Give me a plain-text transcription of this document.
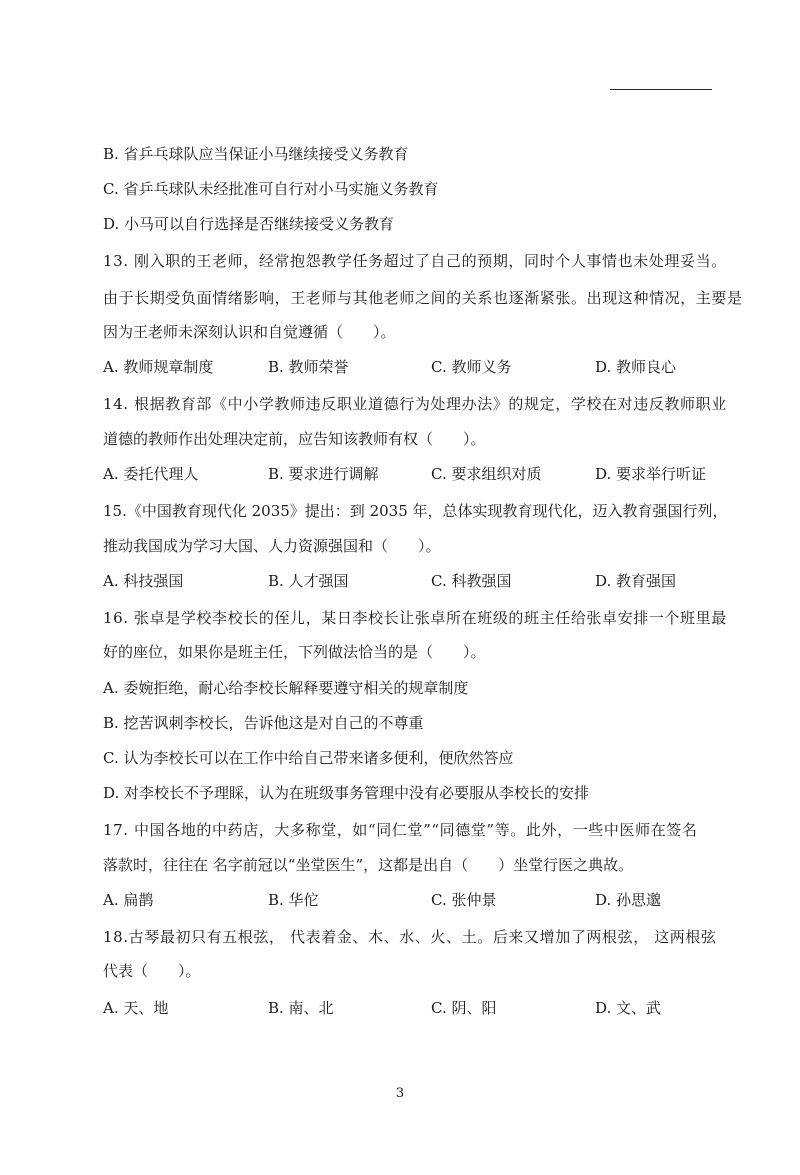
B. 省乒乓球队应当保证小马继续接受义务教育
C. 省乒乓球队未经批准可自行对小马实施义务教育
D. 小马可以自行选择是否继续接受义务教育
13. 刚入职的王老师，经常抱怨教学任务超过了自己的预期，同时个人事情也未处理妥当。
由于长期受负面情绪影响，王老师与其他老师之间的关系也逐渐紧张。出现这种情况，主要是
因为王老师未深刻认识和自觉遵循（　　）。
A. 教师规章制度	B. 教师荣誉	C. 教师义务	D. 教师良心
14. 根据教育部《中小学教师违反职业道德行为处理办法》的规定，学校在对违反教师职业
道德的教师作出处理决定前，应告知该教师有权（　　）。
A. 委托代理人	B. 要求进行调解	C. 要求组织对质	D. 要求举行听证
15.《中国教育现代化 2035》提出：到 2035 年，总体实现教育现代化，迈入教育强国行列，
推动我国成为学习大国、人力资源强国和（　　）。
A. 科技强国	B. 人才强国	C. 科教强国	D. 教育强国
16. 张卓是学校李校长的侄儿，某日李校长让张卓所在班级的班主任给张卓安排一个班里最
好的座位，如果你是班主任，下列做法恰当的是（　　）。
A. 委婉拒绝，耐心给李校长解释要遵守相关的规章制度
B. 挖苦讽刺李校长，告诉他这是对自己的不尊重
C. 认为李校长可以在工作中给自己带来诸多便利，便欣然答应
D. 对李校长不予理睬，认为在班级事务管理中没有必要服从李校长的安排
17. 中国各地的中药店，大多称堂，如“同仁堂”“同德堂”等。此外，一些中医师在签名
落款时，往往在 名字前冠以“坐堂医生”，这都是出自（　　）坐堂行医之典故。
A. 扁鹊	B. 华佗	C. 张仲景	D. 孙思邈
18.古琴最初只有五根弦， 代表着金、木、水、火、土。后来又增加了两根弦， 这两根弦
代表（　　）。
A. 天、地	B. 南、北	C. 阴、阳	D. 文、武
3
